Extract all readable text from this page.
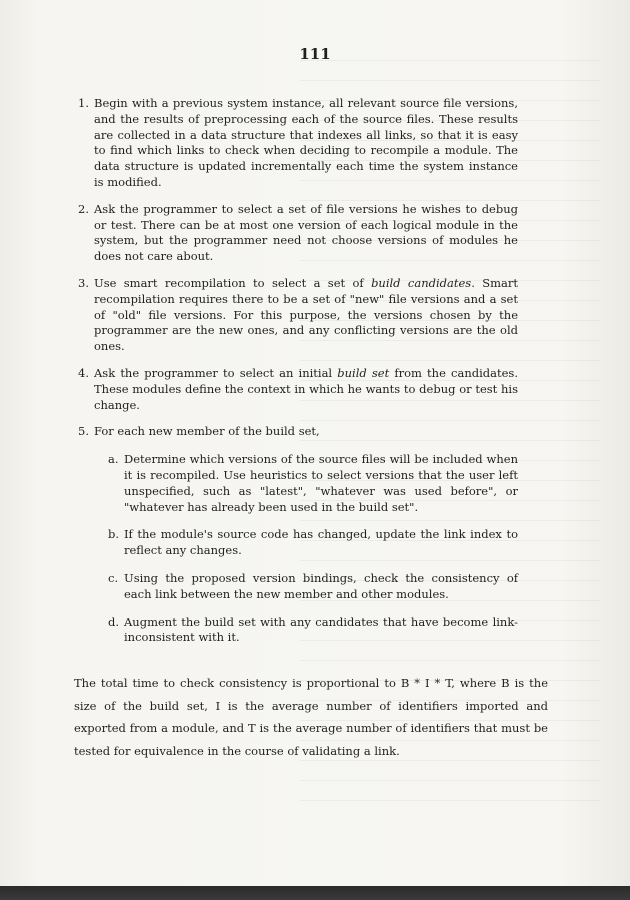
111
1. Begin with a previous system instance, all relevant source file versions, and the results of preprocessing each of the source files. These results are collected in a data structure that indexes all links, so that it is easy to find which links to check when deciding to recompile a module. The data structure is updated incrementally each time the system instance is modified.
2. Ask the programmer to select a set of file versions he wishes to debug or test. There can be at most one version of each logical module in the system, but the programmer need not choose versions of modules he does not care about.
3. Use smart recompilation to select a set of build candidates. Smart recompilation requires there to be a set of "new" file versions and a set of "old" file versions. For this purpose, the versions chosen by the programmer are the new ones, and any conflicting versions are the old ones.
4. Ask the programmer to select an initial build set from the candidates. These modules define the context in which he wants to debug or test his change.
5. For each new member of the build set,
a. Determine which versions of the source files will be included when it is recompiled. Use heuristics to select versions that the user left unspecified, such as "latest", "whatever was used before", or "whatever has already been used in the build set".
b. If the module's source code has changed, update the link index to reflect any changes.
c. Using the proposed version bindings, check the consistency of each link between the new member and other modules.
d. Augment the build set with any candidates that have become link-inconsistent with it.
The total time to check consistency is proportional to B * I * T, where B is the size of the build set, I is the average number of identifiers imported and exported from a module, and T is the average number of identifiers that must be tested for equivalence in the course of validating a link.
